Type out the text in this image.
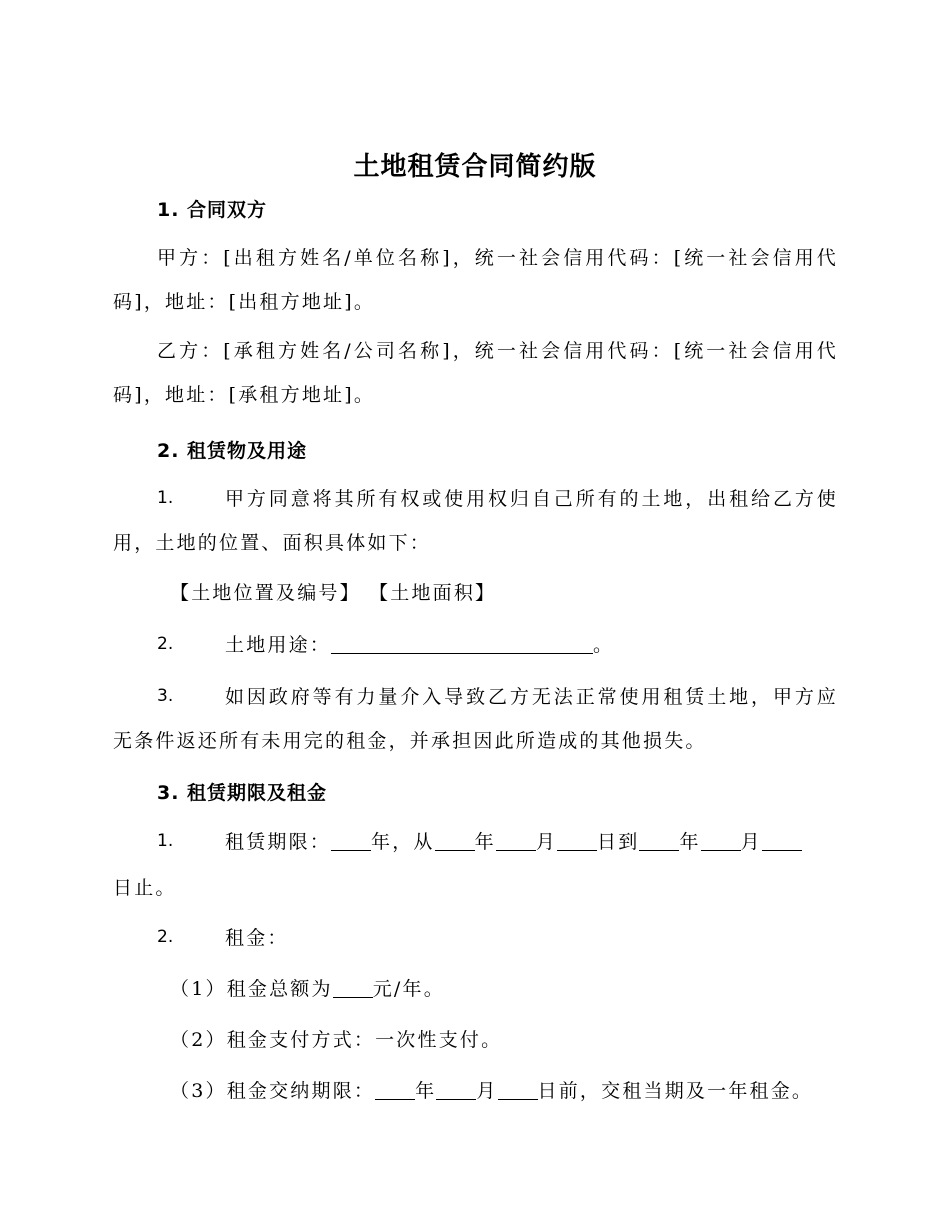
土地租赁合同简约版
1. 合同双方

甲方：[出租方姓名/单位名称]，统一社会信用代码：[统一社会信用代码]，地址：[出租方地址]。

乙方：[承租方姓名/公司名称]，统一社会信用代码：[统一社会信用代码]，地址：[承租方地址]。

2. 租赁物及用途
1.	甲方同意将其所有权或使用权归自己所有的土地，出租给乙方使用，土地的位置、面积具体如下：

【土地位置及编号】 【土地面积】

2.	土地用途：	。

3.	如因政府等有力量介入导致乙方无法正常使用租赁土地，甲方应无条件返还所有未用完的租金，并承担因此所造成的其他损失。

3. 租赁期限及租金
1.	租赁期限： 年，从 年 月 日到 年 月

日止。

2.	租金：

（1）租金总额为 元/年。

（2）租金支付方式：一次性支付。

（3）租金交纳期限： 年 月 日前，交租当期及一年租金。
